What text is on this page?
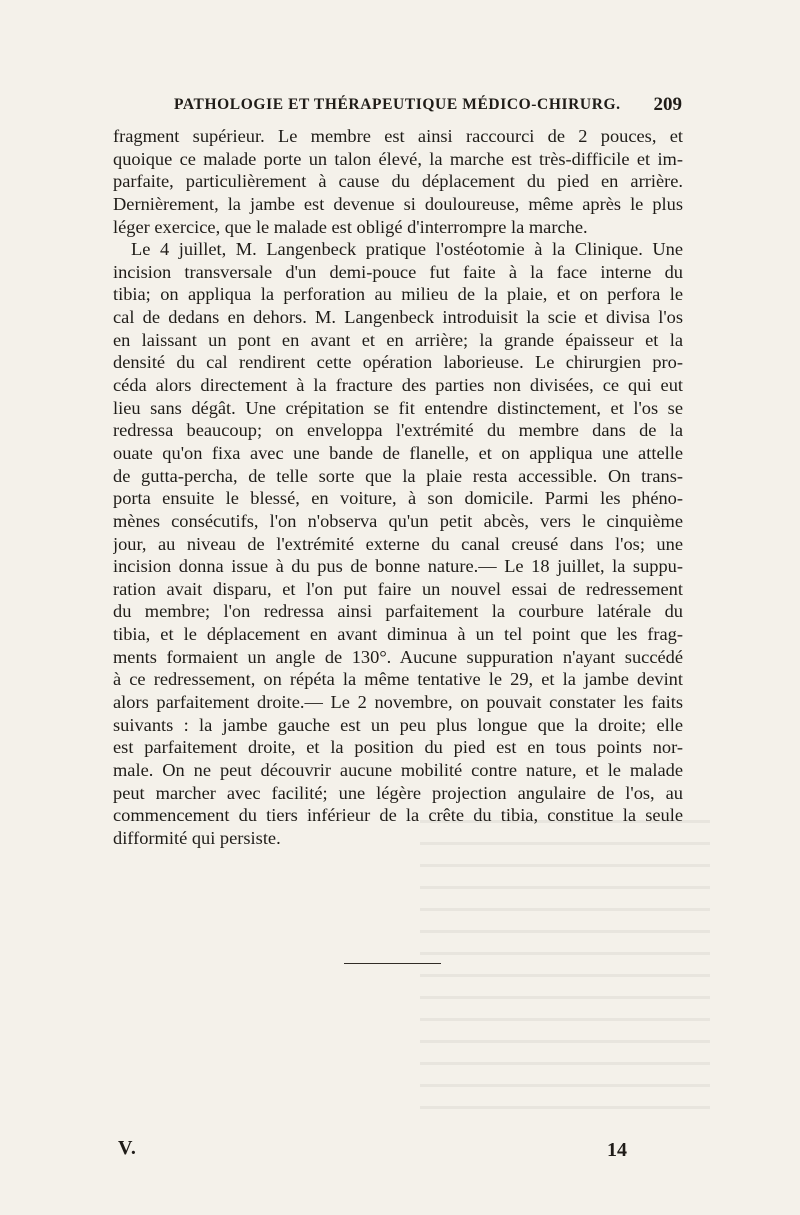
PATHOLOGIE ET THÉRAPEUTIQUE MÉDICO-CHIRURG. 209
fragment supérieur. Le membre est ainsi raccourci de 2 pouces, et
quoique ce malade porte un talon élevé, la marche est très-difficile et im-
parfaite, particulièrement à cause du déplacement du pied en arrière.
Dernièrement, la jambe est devenue si douloureuse, même après le plus
léger exercice, que le malade est obligé d'interrompre la marche.
Le 4 juillet, M. Langenbeck pratique l'ostéotomie à la Clinique. Une
incision transversale d'un demi-pouce fut faite à la face interne du
tibia; on appliqua la perforation au milieu de la plaie, et on perfora le
cal de dedans en dehors. M. Langenbeck introduisit la scie et divisa l'os
en laissant un pont en avant et en arrière; la grande épaisseur et la
densité du cal rendirent cette opération laborieuse. Le chirurgien pro-
céda alors directement à la fracture des parties non divisées, ce qui eut
lieu sans dégât. Une crépitation se fit entendre distinctement, et l'os se
redressa beaucoup; on enveloppa l'extrémité du membre dans de la
ouate qu'on fixa avec une bande de flanelle, et on appliqua une attelle
de gutta-percha, de telle sorte que la plaie resta accessible. On trans-
porta ensuite le blessé, en voiture, à son domicile. Parmi les phéno-
mènes consécutifs, l'on n'observa qu'un petit abcès, vers le cinquième
jour, au niveau de l'extrémité externe du canal creusé dans l'os; une
incision donna issue à du pus de bonne nature.— Le 18 juillet, la suppu-
ration avait disparu, et l'on put faire un nouvel essai de redressement
du membre; l'on redressa ainsi parfaitement la courbure latérale du
tibia, et le déplacement en avant diminua à un tel point que les frag-
ments formaient un angle de 130°. Aucune suppuration n'ayant succédé
à ce redressement, on répéta la même tentative le 29, et la jambe devint
alors parfaitement droite.— Le 2 novembre, on pouvait constater les faits
suivants : la jambe gauche est un peu plus longue que la droite; elle
est parfaitement droite, et la position du pied est en tous points nor-
male. On ne peut découvrir aucune mobilité contre nature, et le malade
peut marcher avec facilité; une légère projection angulaire de l'os, au
commencement du tiers inférieur de la crête du tibia, constitue la seule
difformité qui persiste.
V.	14
